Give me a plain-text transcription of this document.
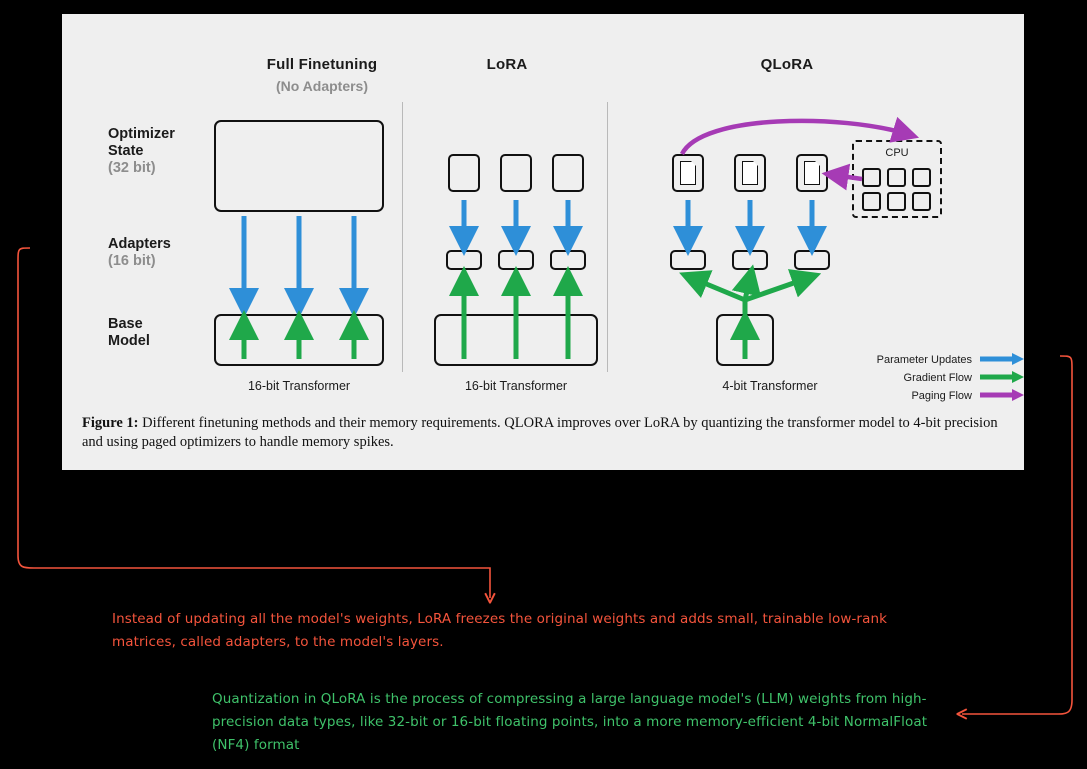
Full Finetuning
(No Adapters)
LoRA	QLoRA
Optimizer
State
(32 bit)
Adapters
(16 bit)
Base
Model
CPU
16-bit Transformer	16-bit Transformer	4-bit Transformer
Parameter Updates
Gradient Flow
Paging Flow
Figure 1: Different finetuning methods and their memory requirements. QLORA improves over LoRA by quantizing the transformer model to 4-bit precision and using paged optimizers to handle memory spikes.
Instead of updating all the model's weights, LoRA freezes the original weights and adds small, trainable low-rank matrices, called adapters, to the model's layers.
Quantization in QLoRA is the process of compressing a large language model's (LLM) weights from high-precision data types, like 32-bit or 16-bit floating points, into a more memory-efficient 4-bit NormalFloat (NF4) format
